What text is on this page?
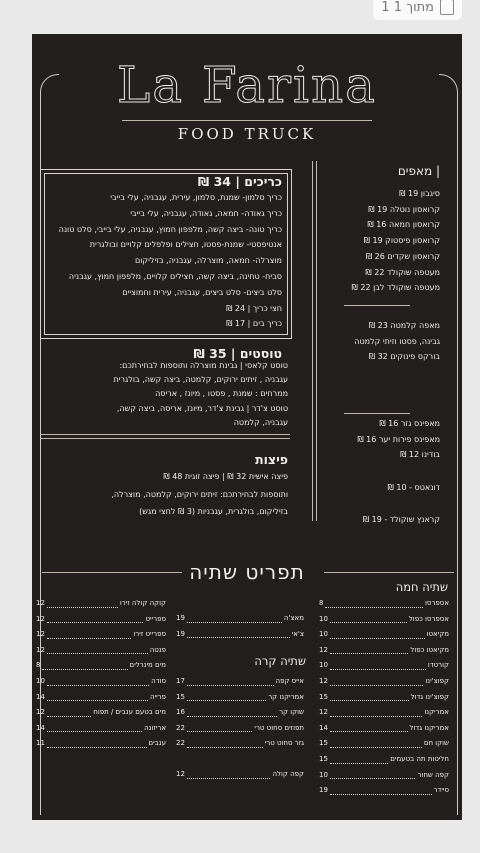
1 מתוך 1
La Farina
FOOD TRUCK
כריכים | 34 ₪
כריך סלמון- שמנת, סלמון, עירית, עגבניה, עלי בייבי
כריך גאודה- חמאה, גאודה, עגבניה, עלי בייבי
כריך טונה- ביצה קשה, מלפפון חמוץ, עגבניה, עלי בייבי, סלט טונה
אנטיפסטי- שמנת-פסטו, חצילים ופלפלים קלויים ובולגרית
מוצרלה- חמאה, מוצרלה, עגבניה, בזיליקום
סביח- טחינה, ביצה קשה, חצילים קלויים, מלפפון חמוץ, עגבניה
סלט ביצים- סלט ביצים, עגבניה, עירית וחמוציים
חצי כריך | 24 ₪
כריך בים | 17 ₪
טוסטים | 35 ₪
טוסט קלאסי | גבינת מוצרלה ותוספות לבחירתכם:
עגבניה , זיתים ירוקים, קלמטה, ביצה קשה, בולגרית
ממרחים : שמנת , פסטו , מיונז , אריסה
טוסט צ'דר | גבינת צ'דר, מיונז, אריסה, ביצה קשה,
עגבניה, קלמטה
פיצות
פיצה אישית 32 ₪ | פיצה זוגית 48 ₪
ותוספות לבחירתכם: זיתים ירוקים, קלמטה, מוצרלה,
בזיליקום, בולגרית, עגבניות (3 ₪ לחצי מגש)
| מאפים
סיגבון 19 ₪
קרואסון נוטלה 19 ₪
קרואסון חמאה 16 ₪
קרואסון פיסטוק 19 ₪
קרואסון שקדים 26 ₪
מעטפה שוקולד 22 ₪
מעטפה שוקולד לבן 22 ₪
מאפה קלמטה 23 ₪
גבינה, פסטו וזיתי קלמטה
בורקס פינוקים 32 ₪
מאפינס גזר 16 ₪
מאפינס פירות יער 16 ₪
בודינו 12 ₪
דונאטס - 10 ₪
קראנץ שוקולד - 19 ₪
תפריט שתיה
שתיה חמה
אספרסו
8
אספרסו כפול
10
מקיאטו
10
מקיאטו כפול
12
קורטדו
10
קפוצ'ינו
12
קפוצ'ינו גדול
15
אמריקנו
12
אמריקנו גדול
14
שוקו חם
15
חליטות תה בטעמים
15
קפה שחור
10
סיידר
19
מאצ'ה
19
צ'אי
19
שתיה קרה
אייס קפה
17
אמריקנו קר
15
שוקו קר
16
תפוזים סחוט טרי
22
גזר סחוט טרי
22
קפה קולה
12
קוקה קולה זירו
12
ספרייט
12
ספרייט זירו
12
פנטה
12
מים מינרלים
8
סודה
10
פרייה
14
מים בטעם ענבים / תפוח
12
אריזונה
14
ענבים
11
